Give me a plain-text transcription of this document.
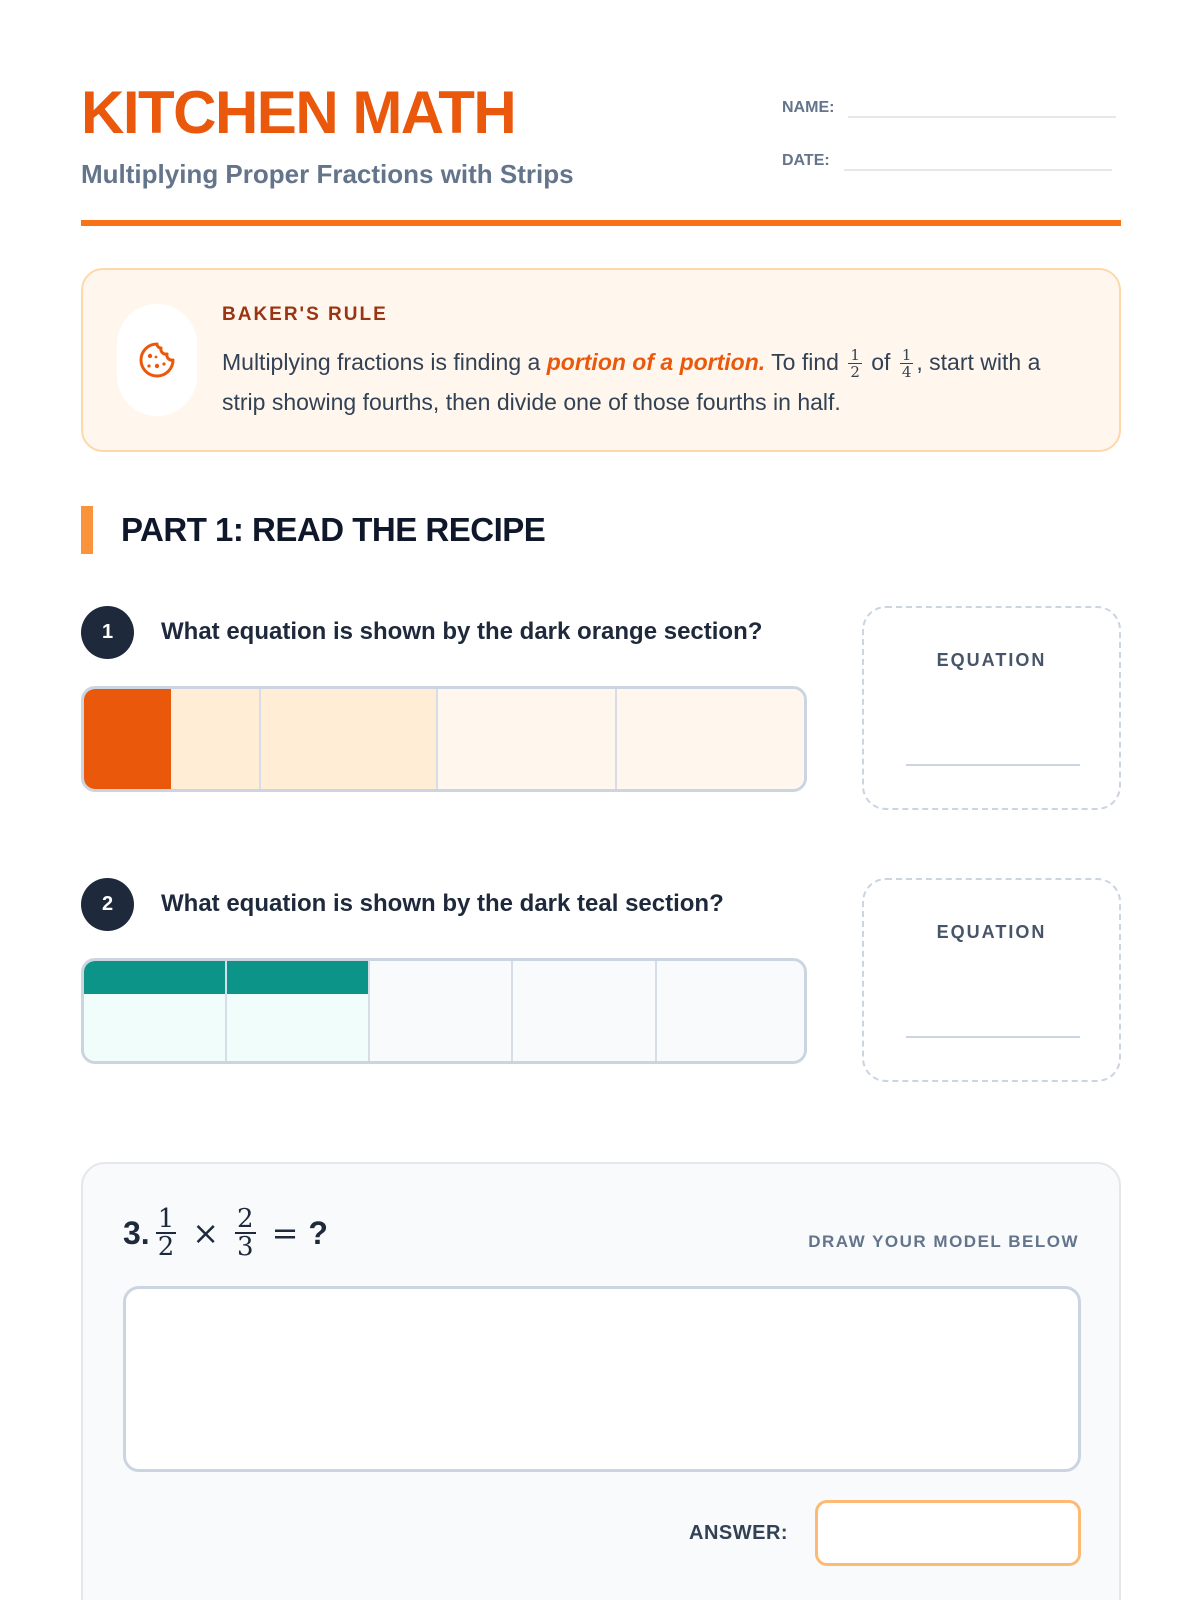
KITCHEN MATH
Multiplying Proper Fractions with Strips
NAME:
DATE:
BAKER'S RULE
Multiplying fractions is finding a portion of a portion. To find $\frac{1}{2}$ of $\frac{1}{4}$ , start with a strip showing fourths, then divide one of those fourths in half.
PART 1: READ THE RECIPE
1	What equation is shown by the dark orange section?
EQUATION
2	What equation is shown by the dark teal section?
EQUATION
3. $\frac{1}{2} \times \frac{2}{3}$ = ?	DRAW YOUR MODEL BELOW
ANSWER:
